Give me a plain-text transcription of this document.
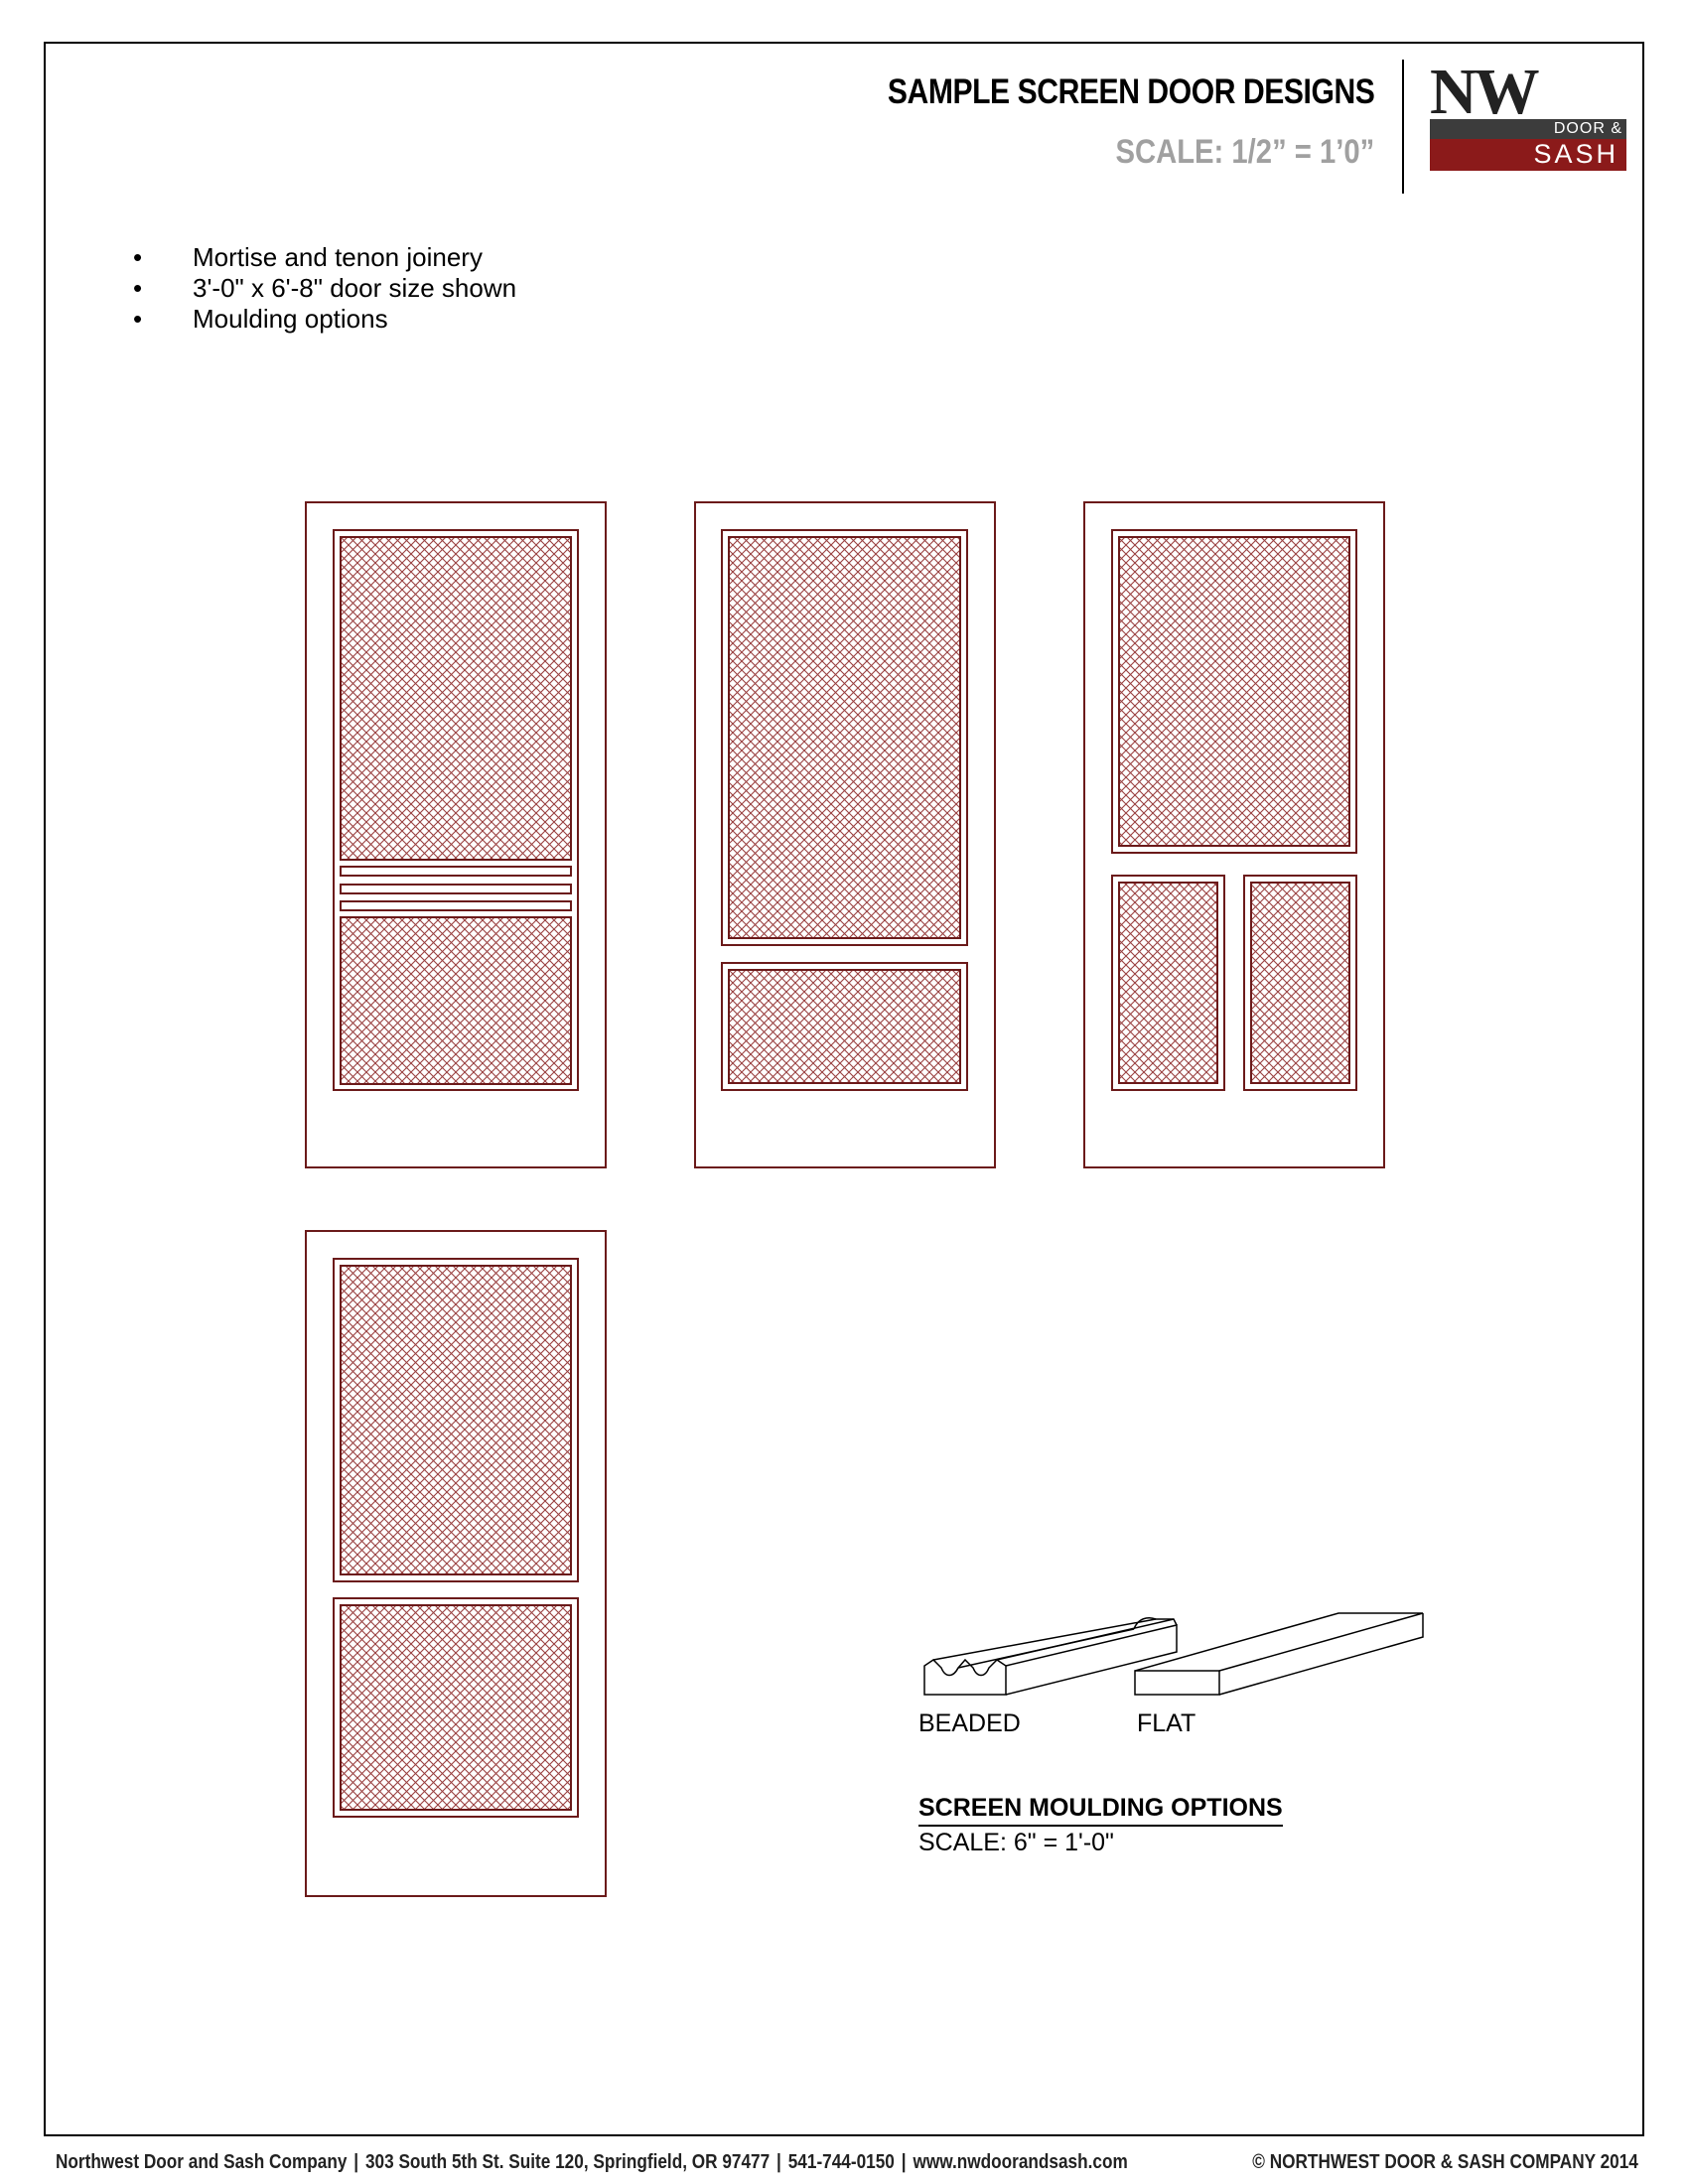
SAMPLE SCREEN DOOR DESIGNS
SCALE: 1/2” = 1’0”
NW
DOOR &
SASH
• Mortise and tenon joinery
• 3'-0" x 6'-8" door size shown
• Moulding options
BEADED	FLAT
SCREEN MOULDING OPTIONS
SCALE: 6" = 1'-0"
Northwest Door and Sash Company | 303 South 5th St. Suite 120, Springfield, OR 97477 | 541-744-0150 | www.nwdoorandsash.com	© NORTHWEST DOOR & SASH COMPANY 2014
